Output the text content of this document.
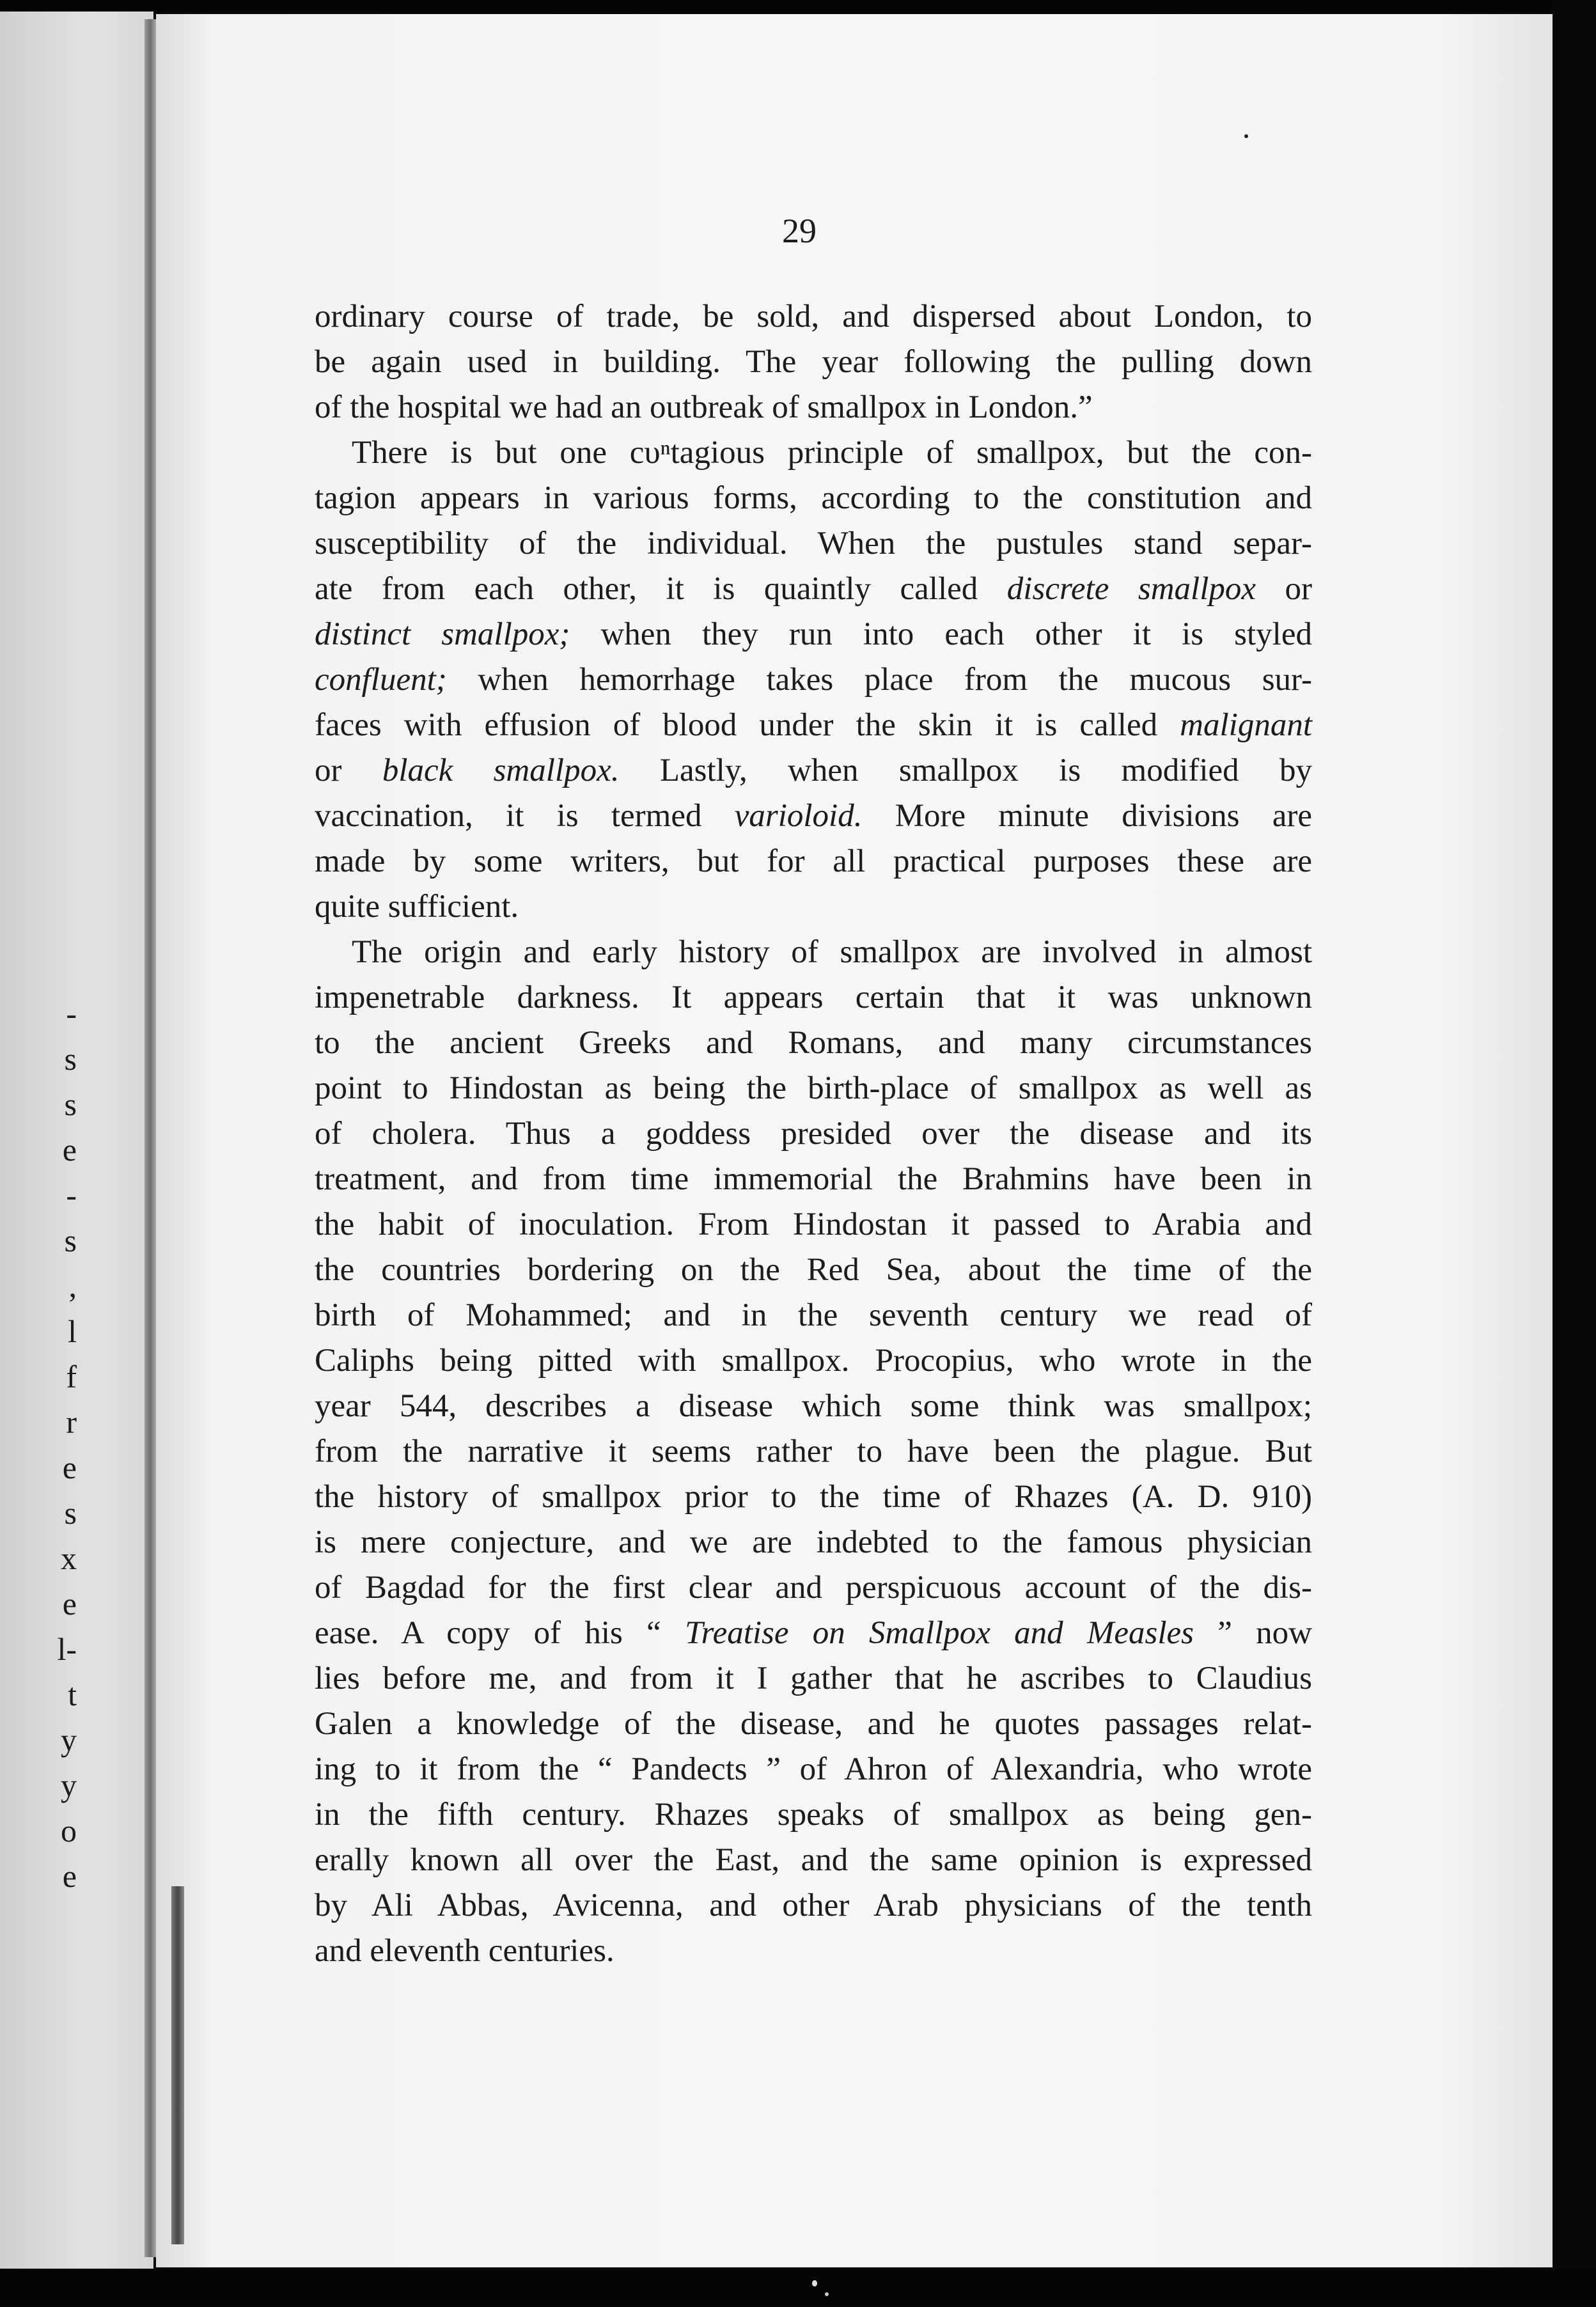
-
s
s
e
-
s
,
l
f
r
e
s
x
e
l-
t
y
y
o
e
29
ordinary course of trade, be sold, and dispersed about London, to
be again used in building. The year following the pulling down
of the hospital we had an outbreak of smallpox in London.”
There is but one cυⁿtagious principle of smallpox, but the con-
tagion appears in various forms, according to the constitution and
susceptibility of the individual. When the pustules stand separ-
ate from each other, it is quaintly called discrete smallpox or
distinct smallpox; when they run into each other it is styled
confluent; when hemorrhage takes place from the mucous sur-
faces with effusion of blood under the skin it is called malignant
or black smallpox. Lastly, when smallpox is modified by
vaccination, it is termed varioloid. More minute divisions are
made by some writers, but for all practical purposes these are
quite sufficient.
The origin and early history of smallpox are involved in almost
impenetrable darkness. It appears certain that it was unknown
to the ancient Greeks and Romans, and many circumstances
point to Hindostan as being the birth-place of smallpox as well as
of cholera. Thus a goddess presided over the disease and its
treatment, and from time immemorial the Brahmins have been in
the habit of inoculation. From Hindostan it passed to Arabia and
the countries bordering on the Red Sea, about the time of the
birth of Mohammed; and in the seventh century we read of
Caliphs being pitted with smallpox. Procopius, who wrote in the
year 544, describes a disease which some think was smallpox;
from the narrative it seems rather to have been the plague. But
the history of smallpox prior to the time of Rhazes (A. D. 910)
is mere conjecture, and we are indebted to the famous physician
of Bagdad for the first clear and perspicuous account of the dis-
ease. A copy of his “ Treatise on Smallpox and Measles ” now
lies before me, and from it I gather that he ascribes to Claudius
Galen a knowledge of the disease, and he quotes passages relat-
ing to it from the “ Pandects ” of Ahron of Alexandria, who wrote
in the fifth century. Rhazes speaks of smallpox as being gen-
erally known all over the East, and the same opinion is expressed
by Ali Abbas, Avicenna, and other Arab physicians of the tenth
and eleventh centuries.
